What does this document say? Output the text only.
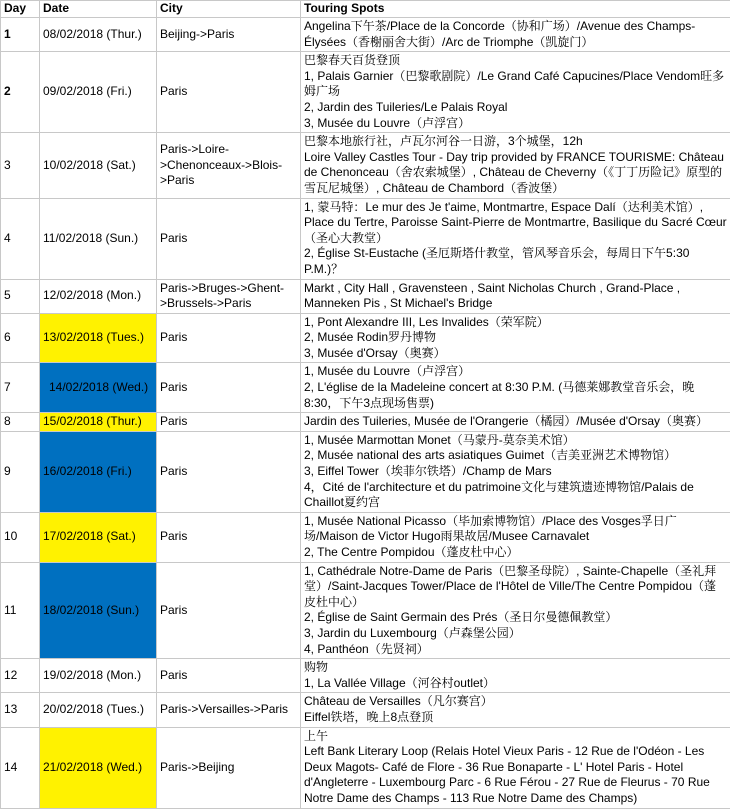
Day	Date	City	Touring Spots
1	08/02/2018 (Thur.)	Beijing->Paris	Angelina下午茶/Place de la Concorde（协和广场）/Avenue des Champs-Élysées（香榭丽舍大街）/Arc de Triomphe（凯旋门）

2	09/02/2018 (Fri.)	Paris	巴黎春天百货登顶
1, Palais Garnier（巴黎歌剧院）/Le Grand Café Capucines/Place Vendom旺多姆广场
2, Jardin des Tuileries/Le Palais Royal
3, Musée du Louvre（卢浮宫）

3	10/02/2018 (Sat.)	Paris->Loire->Chenonceaux->Blois->Paris	巴黎本地旅行社，卢瓦尔河谷一日游，3个城堡，12h
Loire Valley Castles Tour - Day trip provided by FRANCE TOURISME: Château de Chenonceau（舍农索城堡）, Château de Cheverny（《丁丁历险记》原型的雪瓦尼城堡）, Château de Chambord（香波堡）

4	11/02/2018 (Sun.)	Paris	1, 蒙马特：Le mur des Je t'aime, Montmartre, Espace Dalí（达利美术馆）, Place du Tertre, Paroisse Saint-Pierre de Montmartre, Basilique du Sacré Cœur（圣心大教堂）
2, Église St-Eustache (圣厄斯塔什教堂，管风琴音乐会，每周日下午5:30 P.M.)？

5	12/02/2018 (Mon.)	Paris->Bruges->Ghent->Brussels->Paris	Markt , City Hall , Gravensteen , Saint Nicholas Church , Grand-Place , Manneken Pis , St Michael's Bridge

6	13/02/2018 (Tues.)	Paris	1, Pont Alexandre III, Les Invalides（荣军院）
2, Musée Rodin罗丹博物
3, Musée d'Orsay（奥赛）

7	14/02/2018 (Wed.)	Paris	1, Musée du Louvre（卢浮宫）
2, L'église de la Madeleine concert at 8:30 P.M. (马德莱娜教堂音乐会，晚8:30，下午3点现场售票)

8	15/02/2018 (Thur.)	Paris	Jardin des Tuileries, Musée de l'Orangerie（橘园）/Musée d'Orsay（奥赛）

9	16/02/2018 (Fri.)	Paris	1, Musée Marmottan Monet（马蒙丹-莫奈美术馆）
2, Musée national des arts asiatiques Guimet（吉美亚洲艺术博物馆）
3, Eiffel Tower（埃菲尔铁塔）/Champ de Mars
4，Cité de l'architecture et du patrimoine文化与建筑遗迹博物馆/Palais de Chaillot夏约宫

10	17/02/2018 (Sat.)	Paris	1, Musée National Picasso（毕加索博物馆）/Place des Vosges孚日广场/Maison de Victor Hugo雨果故居/Musee Carnavalet
2, The Centre Pompidou（蓬皮杜中心）

11	18/02/2018 (Sun.)	Paris	1, Cathédrale Notre-Dame de Paris（巴黎圣母院）, Sainte-Chapelle（圣礼拜堂）/Saint-Jacques Tower/Place de l'Hôtel de Ville/The Centre Pompidou（蓬皮杜中心）
2, Église de Saint Germain des Prés（圣日尔曼德佩教堂）
3, Jardin du Luxembourg（卢森堡公园）
4, Panthéon（先贤祠）

12	19/02/2018 (Mon.)	Paris	购物
1, La Vallée Village（河谷村outlet）

13	20/02/2018 (Tues.)	Paris->Versailles->Paris	Château de Versailles（凡尔赛宫）
Eiffel铁塔，晚上8点登顶

14	21/02/2018 (Wed.)	Paris->Beijing	上午
Left Bank Literary Loop (Relais Hotel Vieux Paris - 12 Rue de l'Odéon - Les Deux Magots- Café de Flore - 36 Rue Bonaparte - L' Hotel Paris - Hotel d'Angleterre - Luxembourg Parc - 6 Rue Férou - 27 Rue de Fleurus - 70 Rue Notre Dame des Champs - 113 Rue Notre Dame des Champs)
